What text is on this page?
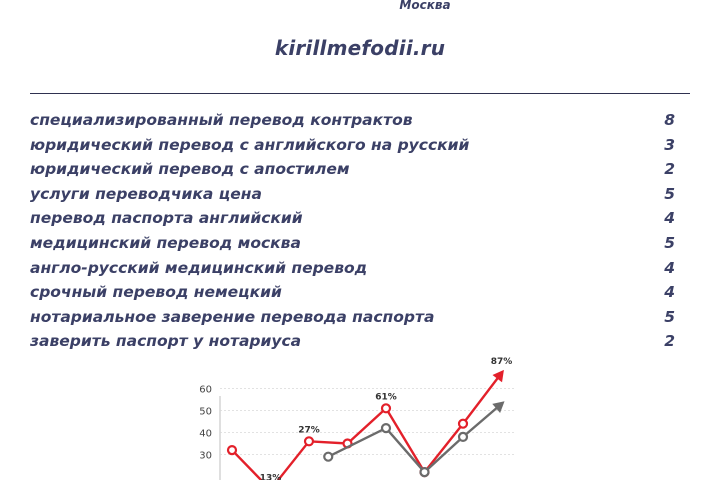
Москва
kirillmefodii.ru
специализированный перевод контрактов	8
юридический перевод с английского на русский	3
юридический перевод с апостилем	2
услуги переводчика цена	5
перевод паспорта английский	4
медицинский перевод москва	5
англо-русский медицинский перевод	4
срочный перевод немецкий	4
нотариальное заверение перевода паспорта	5
заверить паспорт у нотариуса	2
30
40
50
60
13%
27%
61%
87%
